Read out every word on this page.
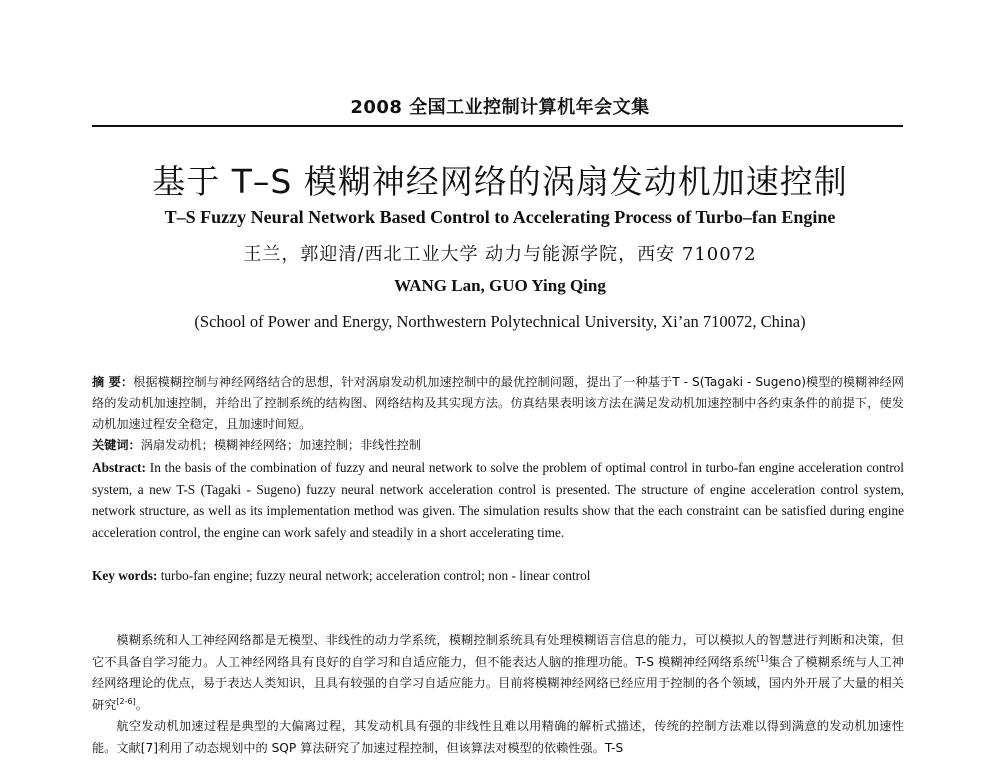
2008 全国工业控制计算机年会文集
基于 T–S 模糊神经网络的涡扇发动机加速控制
T–S Fuzzy Neural Network Based Control to Accelerating Process of Turbo–fan Engine
王兰，郭迎清/西北工业大学 动力与能源学院，西安 710072
WANG Lan, GUO Ying Qing
(School of Power and Energy, Northwestern Polytechnical University, Xi’an 710072, China)
摘 要：根据模糊控制与神经网络结合的思想，针对涡扇发动机加速控制中的最优控制问题，提出了一种基于T - S(Tagaki - Sugeno)模型的模糊神经网络的发动机加速控制，并给出了控制系统的结构图、网络结构及其实现方法。仿真结果表明该方法在满足发动机加速控制中各约束条件的前提下，使发动机加速过程安全稳定，且加速时间短。
关键词：涡扇发动机；模糊神经网络；加速控制；非线性控制
Abstract: In the basis of the combination of fuzzy and neural network to solve the problem of optimal control in turbo-fan engine acceleration control system, a new T-S (Tagaki - Sugeno) fuzzy neural network acceleration control is presented. The structure of engine acceleration control system, network structure, as well as its implementation method was given. The simulation results show that the each constraint can be satisfied during engine acceleration control, the engine can work safely and steadily in a short accelerating time.
Key words: turbo-fan engine; fuzzy neural network; acceleration control; non - linear control

模糊系统和人工神经网络都是无模型、非线性的动力学系统，模糊控制系统具有处理模糊语言信息的能力，可以模拟人的智慧进行判断和决策，但它不具备自学习能力。人工神经网络具有良好的自学习和自适应能力，但不能表达人脑的推理功能。T-S 模糊神经网络系统[1]集合了模糊系统与人工神经网络理论的优点，易于表达人类知识，且具有较强的自学习自适应能力。目前将模糊神经网络已经应用于控制的各个领域，国内外开展了大量的相关研究[2-6]。

航空发动机加速过程是典型的大偏离过程，其发动机具有强的非线性且难以用精确的解析式描述，传统的控制方法难以得到满意的发动机加速性能。文献[7]利用了动态规划中的 SQP 算法研究了加速过程控制，但该算法对模型的依赖性强。T-S
